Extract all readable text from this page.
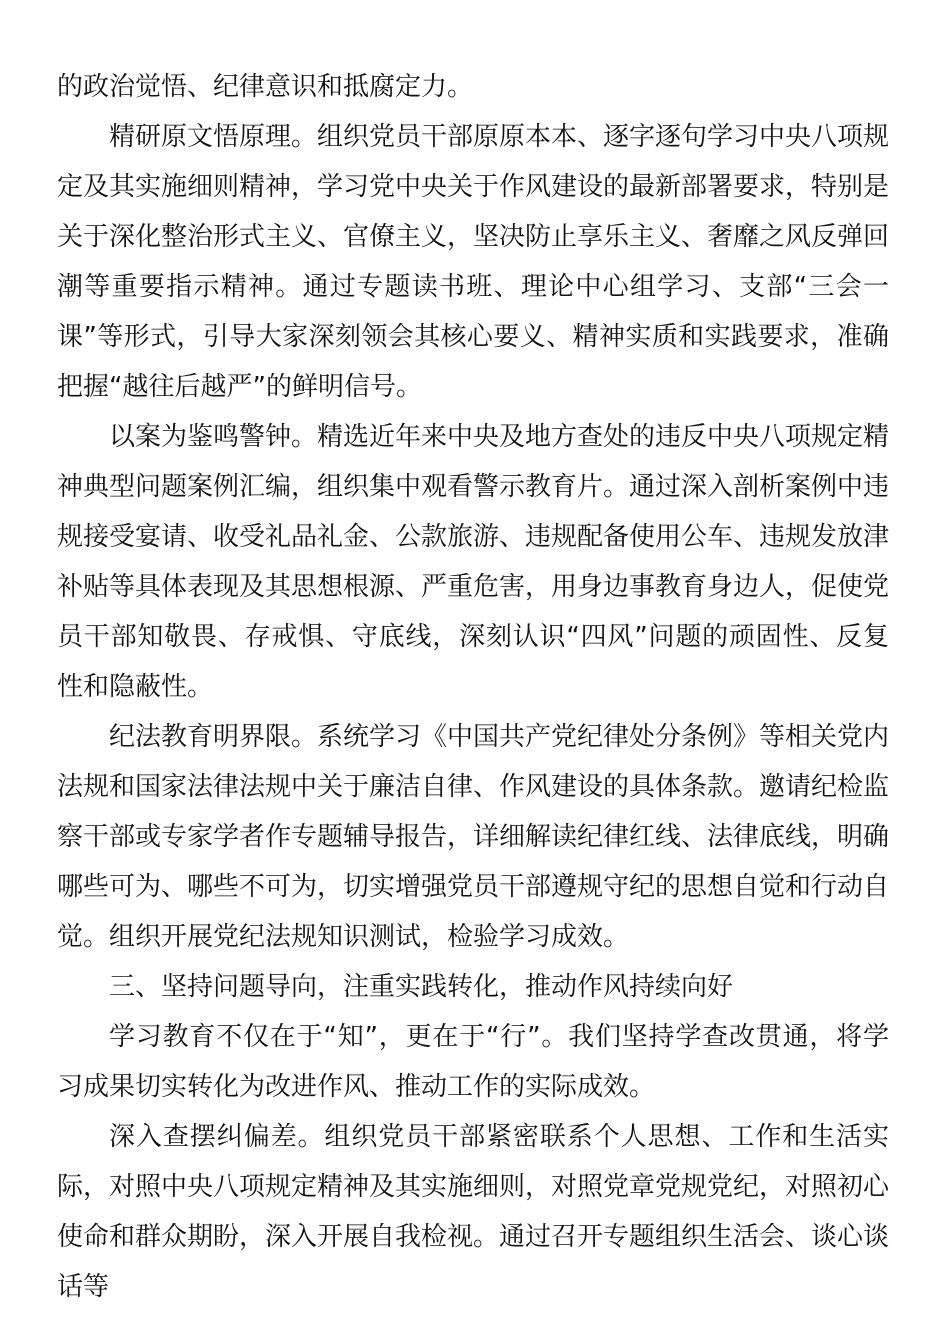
的政治觉悟、纪律意识和抵腐定力。

精研原文悟原理。组织党员干部原原本本、逐字逐句学习中央八项规定及其实施细则精神，学习党中央关于作风建设的最新部署要求，特别是关于深化整治形式主义、官僚主义，坚决防止享乐主义、奢靡之风反弹回潮等重要指示精神。通过专题读书班、理论中心组学习、支部“三会一课”等形式，引导大家深刻领会其核心要义、精神实质和实践要求，准确把握“越往后越严”的鲜明信号。

以案为鉴鸣警钟。精选近年来中央及地方查处的违反中央八项规定精神典型问题案例汇编，组织集中观看警示教育片。通过深入剖析案例中违规接受宴请、收受礼品礼金、公款旅游、违规配备使用公车、违规发放津补贴等具体表现及其思想根源、严重危害，用身边事教育身边人，促使党员干部知敬畏、存戒惧、守底线，深刻认识“四风”问题的顽固性、反复性和隐蔽性。

纪法教育明界限。系统学习《中国共产党纪律处分条例》等相关党内法规和国家法律法规中关于廉洁自律、作风建设的具体条款。邀请纪检监察干部或专家学者作专题辅导报告，详细解读纪律红线、法律底线，明确哪些可为、哪些不可为，切实增强党员干部遵规守纪的思想自觉和行动自觉。组织开展党纪法规知识测试，检验学习成效。

三、坚持问题导向，注重实践转化，推动作风持续向好

学习教育不仅在于“知”，更在于“行”。我们坚持学查改贯通，将学习成果切实转化为改进作风、推动工作的实际成效。

深入查摆纠偏差。组织党员干部紧密联系个人思想、工作和生活实际，对照中央八项规定精神及其实施细则，对照党章党规党纪，对照初心使命和群众期盼，深入开展自我检视。通过召开专题组织生活会、谈心谈话等
